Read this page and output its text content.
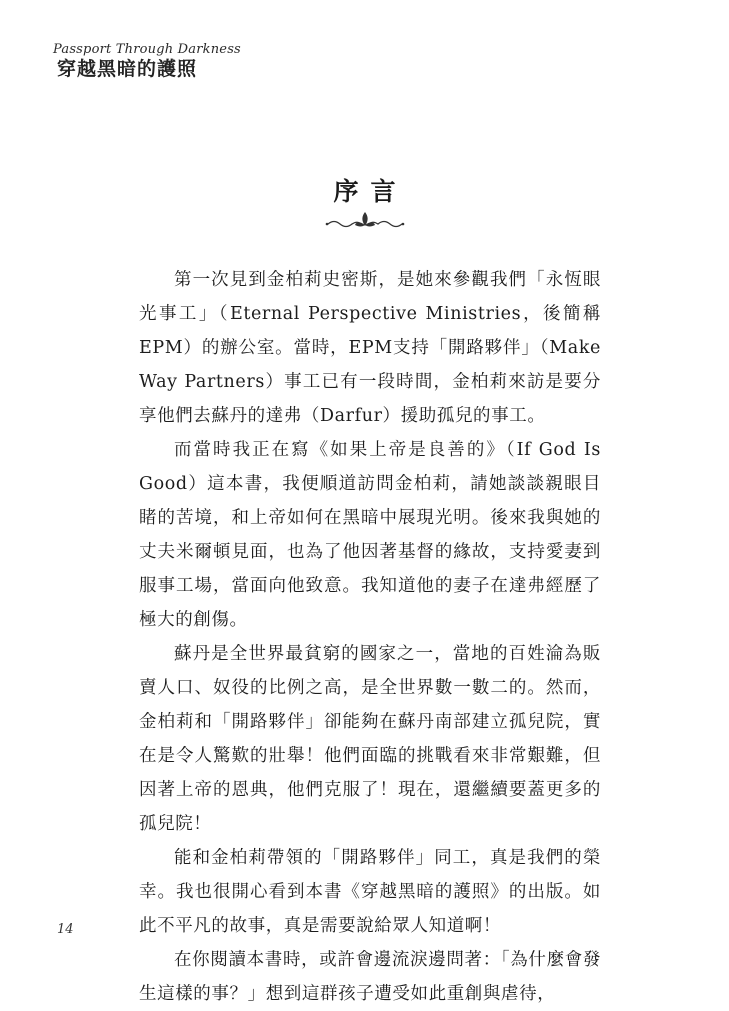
Passport Through Darkness
穿越黑暗的護照
序言

第一次見到金柏莉史密斯，是她來參觀我們「永恆眼光事工」（Eternal Perspective Ministries，後簡稱EPM）的辦公室。當時，EPM支持「開路夥伴」（Make Way Partners）事工已有一段時間，金柏莉來訪是要分享他們去蘇丹的達弗（Darfur）援助孤兒的事工。

而當時我正在寫《如果上帝是良善的》（If God Is Good）這本書，我便順道訪問金柏莉，請她談談親眼目睹的苦境，和上帝如何在黑暗中展現光明。後來我與她的丈夫米爾頓見面，也為了他因著基督的緣故，支持愛妻到服事工場，當面向他致意。我知道他的妻子在達弗經歷了極大的創傷。

蘇丹是全世界最貧窮的國家之一，當地的百姓淪為販賣人口、奴役的比例之高，是全世界數一數二的。然而，金柏莉和「開路夥伴」卻能夠在蘇丹南部建立孤兒院，實在是令人驚歎的壯舉！他們面臨的挑戰看來非常艱難，但因著上帝的恩典，他們克服了！現在，還繼續要蓋更多的孤兒院！

能和金柏莉帶領的「開路夥伴」同工，真是我們的榮幸。我也很開心看到本書《穿越黑暗的護照》的出版。如此不平凡的故事，真是需要說給眾人知道啊！

在你閱讀本書時，或許會邊流淚邊問著：「為什麼會發生這樣的事？」想到這群孩子遭受如此重創與虐待，

14
